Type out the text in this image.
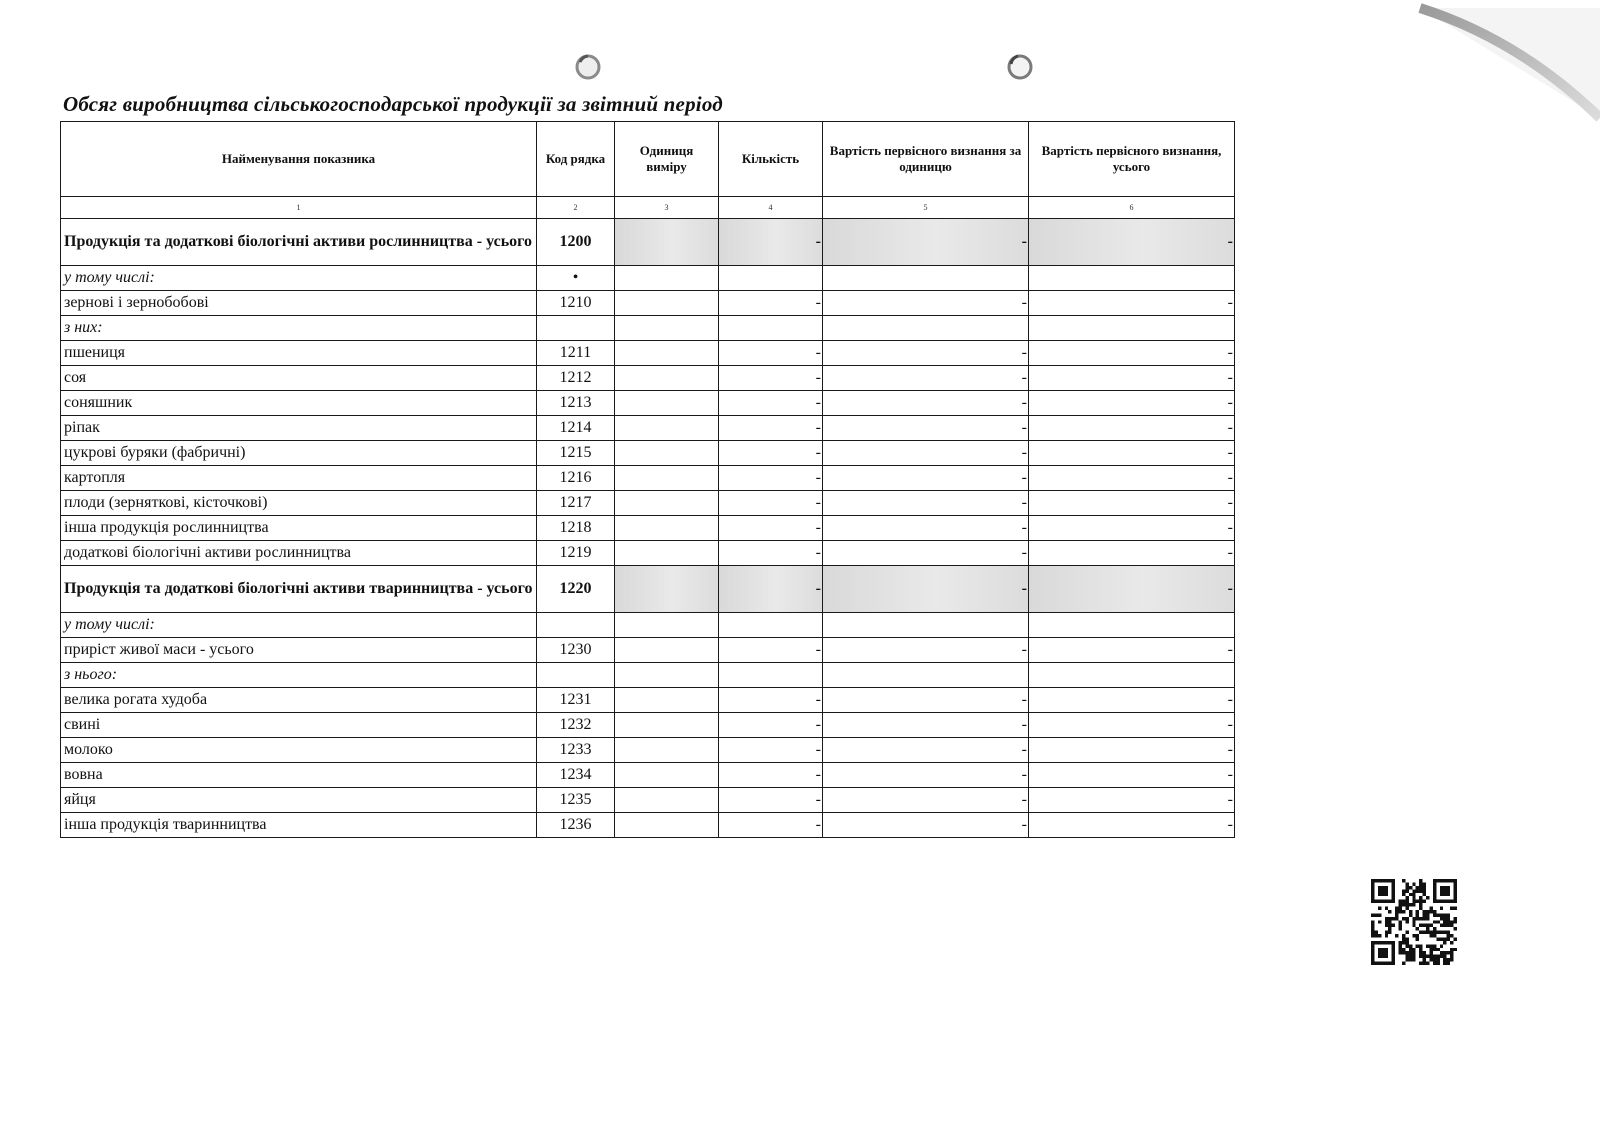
Обсяг виробництва сільськогосподарської продукції за звітний період
Найменування показника	Код рядка	Одиниця виміру	Кількість	Вартість первісного визнання за одиницю	Вартість первісного визнання, усього
1	2	3	4	5	6
Продукція та додаткові біологічні активи рослинництва - усього	1200		-	-	-
у тому числі:	•				
зернові і зернобобові	1210		-	-	-
з них:					
пшениця	1211		-	-	-
соя	1212		-	-	-
соняшник	1213		-	-	-
ріпак	1214		-	-	-
цукрові буряки (фабричні)	1215		-	-	-
картопля	1216		-	-	-
плоди (зерняткові, кісточкові)	1217		-	-	-
інша продукція рослинництва	1218		-	-	-
додаткові біологічні активи рослинництва	1219		-	-	-
Продукція та додаткові біологічні активи тваринництва - усього	1220		-	-	-
у тому числі:					
приріст живої маси - усього	1230		-	-	-
з нього:					
велика рогата худоба	1231		-	-	-
свині	1232		-	-	-
молоко	1233		-	-	-
вовна	1234		-	-	-
яйця	1235		-	-	-
інша продукція тваринництва	1236		-	-	-
